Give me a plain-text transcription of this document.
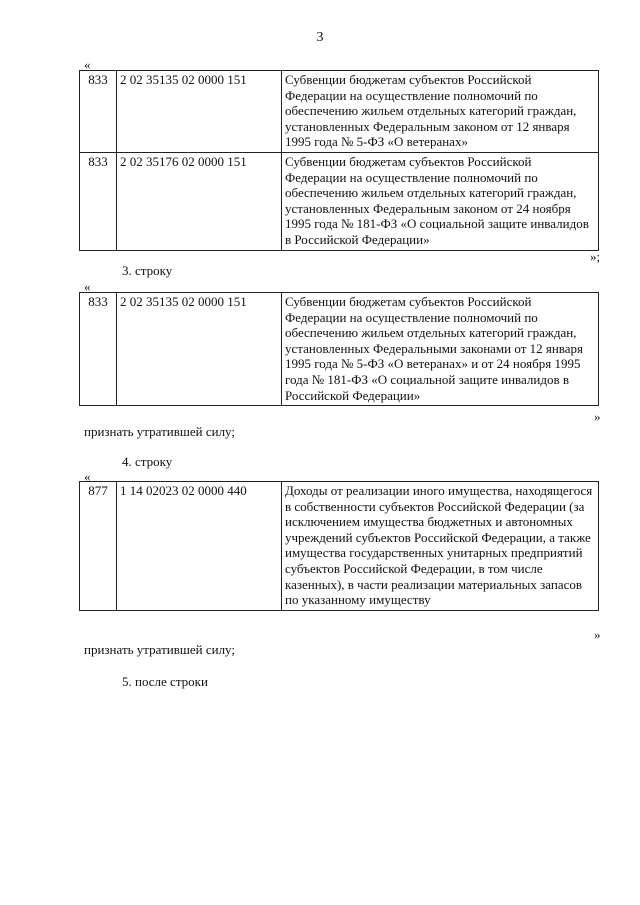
3
«
833	2 02 35135 02 0000 151	Субвенции бюджетам субъектов Российской Федерации на осуществление полномочий по обеспечению жильем отдельных категорий граждан, установленных Федеральным законом от 12 января 1995 года № 5-ФЗ «О ветеранах»
833	2 02 35176 02 0000 151	Субвенции бюджетам субъектов Российской Федерации на осуществление полномочий по обеспечению жильем отдельных категорий граждан, установленных Федеральным законом от 24 ноября 1995 года № 181-ФЗ «О социальной защите инвалидов в Российской Федерации»
»;
3. строку
«
833	2 02 35135 02 0000 151	Субвенции бюджетам субъектов Российской Федерации на осуществление полномочий по обеспечению жильем отдельных категорий граждан, установленных Федеральными законами от 12 января 1995 года № 5-ФЗ «О ветеранах» и от 24 ноября 1995 года № 181-ФЗ «О социальной защите инвалидов в Российской Федерации»
»
признать утратившей силу;
4. строку
«
877	1 14 02023 02 0000 440	Доходы от реализации иного имущества, находящегося в собственности субъектов Российской Федерации (за исключением имущества бюджетных и автономных учреждений субъектов Российской Федерации, а также имущества государственных унитарных предприятий субъектов Российской Федерации, в том числе казенных), в части реализации материальных запасов по указанному имуществу
»
признать утратившей силу;
5. после строки
